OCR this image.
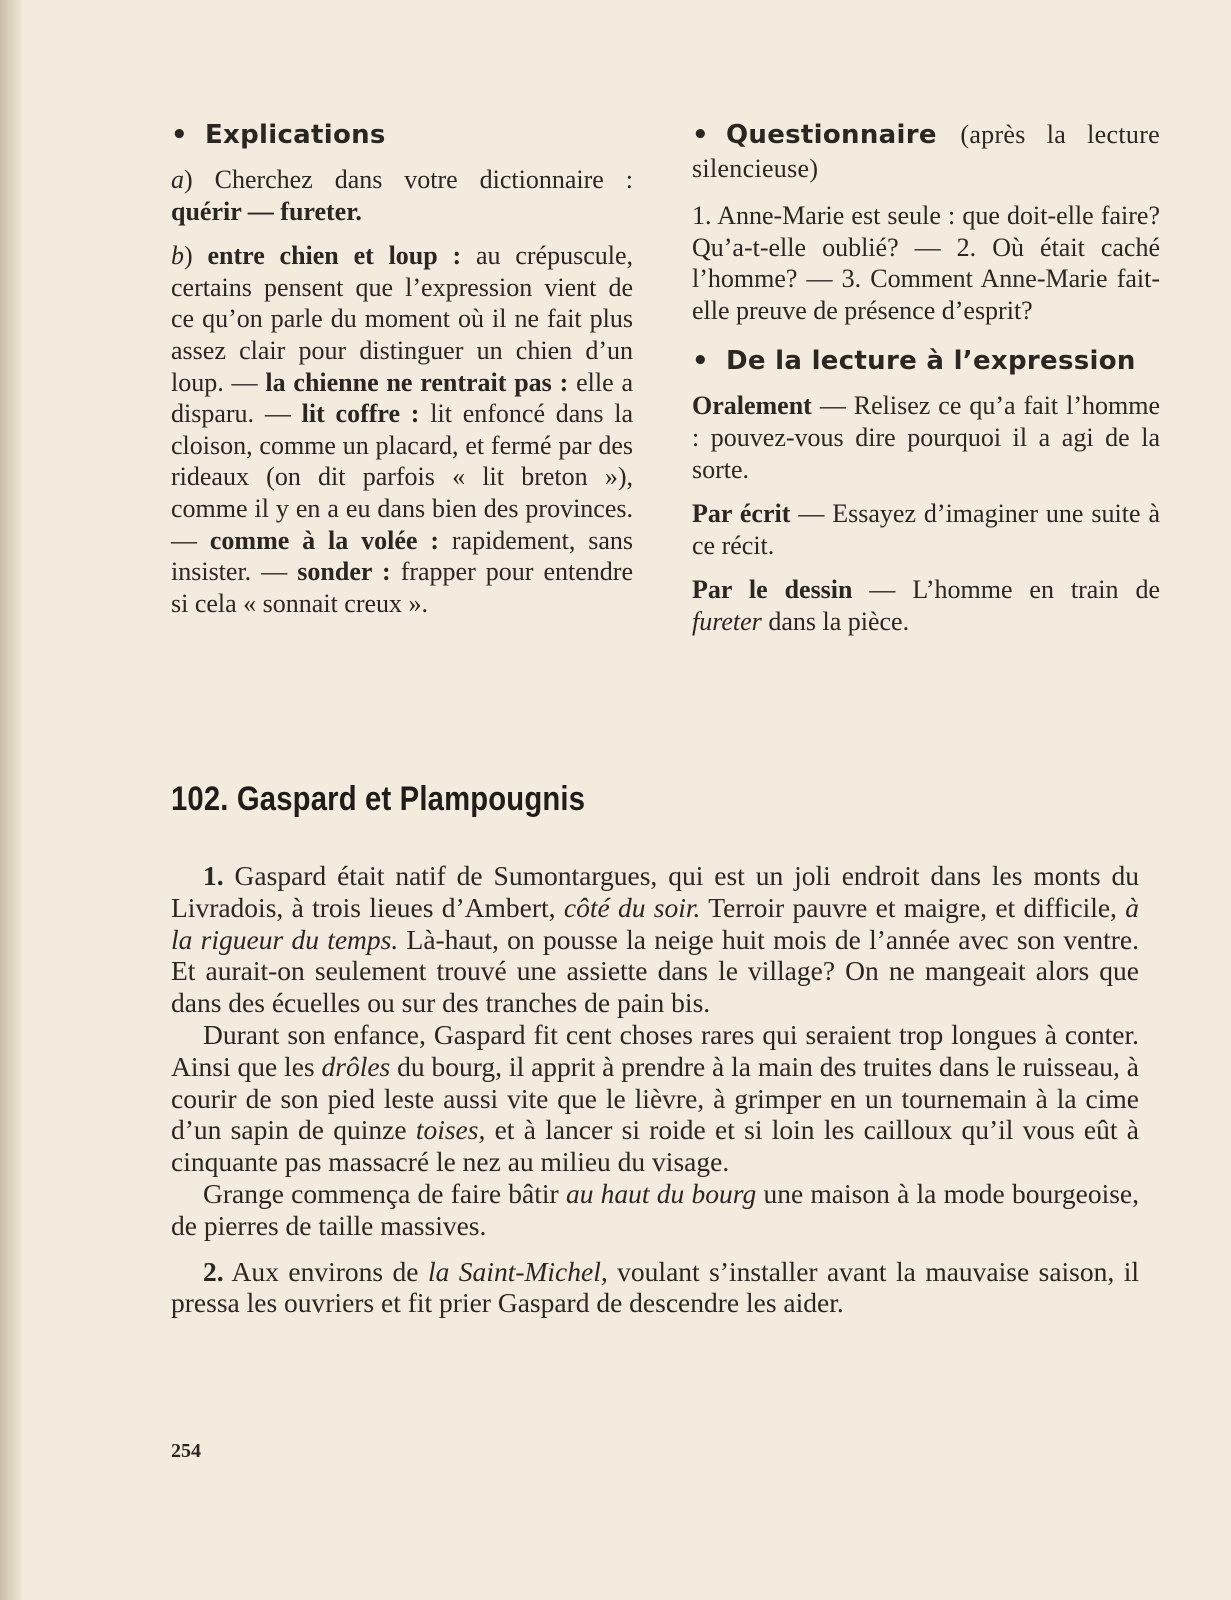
• Explications

a) Cherchez dans votre dictionnaire : quérir — fureter.

b) entre chien et loup : au crépuscule, certains pensent que l’expression vient de ce qu’on parle du moment où il ne fait plus assez clair pour distinguer un chien d’un loup. — la chienne ne rentrait pas : elle a disparu. — lit coffre : lit enfoncé dans la cloison, comme un placard, et fermé par des rideaux (on dit parfois « lit breton »), comme il y en a eu dans bien des provinces. — comme à la volée : rapidement, sans insister. — sonder : frapper pour entendre si cela « sonnait creux ».

• Questionnaire (après la lecture silencieuse)

1. Anne-Marie est seule : que doit-elle faire? Qu’a-t-elle oublié? — 2. Où était caché l’homme? — 3. Comment Anne-Marie fait-elle preuve de présence d’esprit?

• De la lecture à l’expression

Oralement — Relisez ce qu’a fait l’homme : pouvez-vous dire pourquoi il a agi de la sorte.

Par écrit — Essayez d’imaginer une suite à ce récit.

Par le dessin — L’homme en train de fureter dans la pièce.

102. Gaspard et Plampougnis

1. Gaspard était natif de Sumontargues, qui est un joli endroit dans les monts du Livradois, à trois lieues d’Ambert, côté du soir. Terroir pauvre et maigre, et difficile, à la rigueur du temps. Là-haut, on pousse la neige huit mois de l’année avec son ventre. Et aurait-on seulement trouvé une assiette dans le village? On ne mangeait alors que dans des écuelles ou sur des tranches de pain bis.

Durant son enfance, Gaspard fit cent choses rares qui seraient trop longues à conter. Ainsi que les drôles du bourg, il apprit à prendre à la main des truites dans le ruisseau, à courir de son pied leste aussi vite que le lièvre, à grimper en un tournemain à la cime d’un sapin de quinze toises, et à lancer si roide et si loin les cailloux qu’il vous eût à cinquante pas massacré le nez au milieu du visage.

Grange commença de faire bâtir au haut du bourg une maison à la mode bourgeoise, de pierres de taille massives.

2. Aux environs de la Saint-Michel, voulant s’installer avant la mauvaise saison, il pressa les ouvriers et fit prier Gaspard de descendre les aider.

254
